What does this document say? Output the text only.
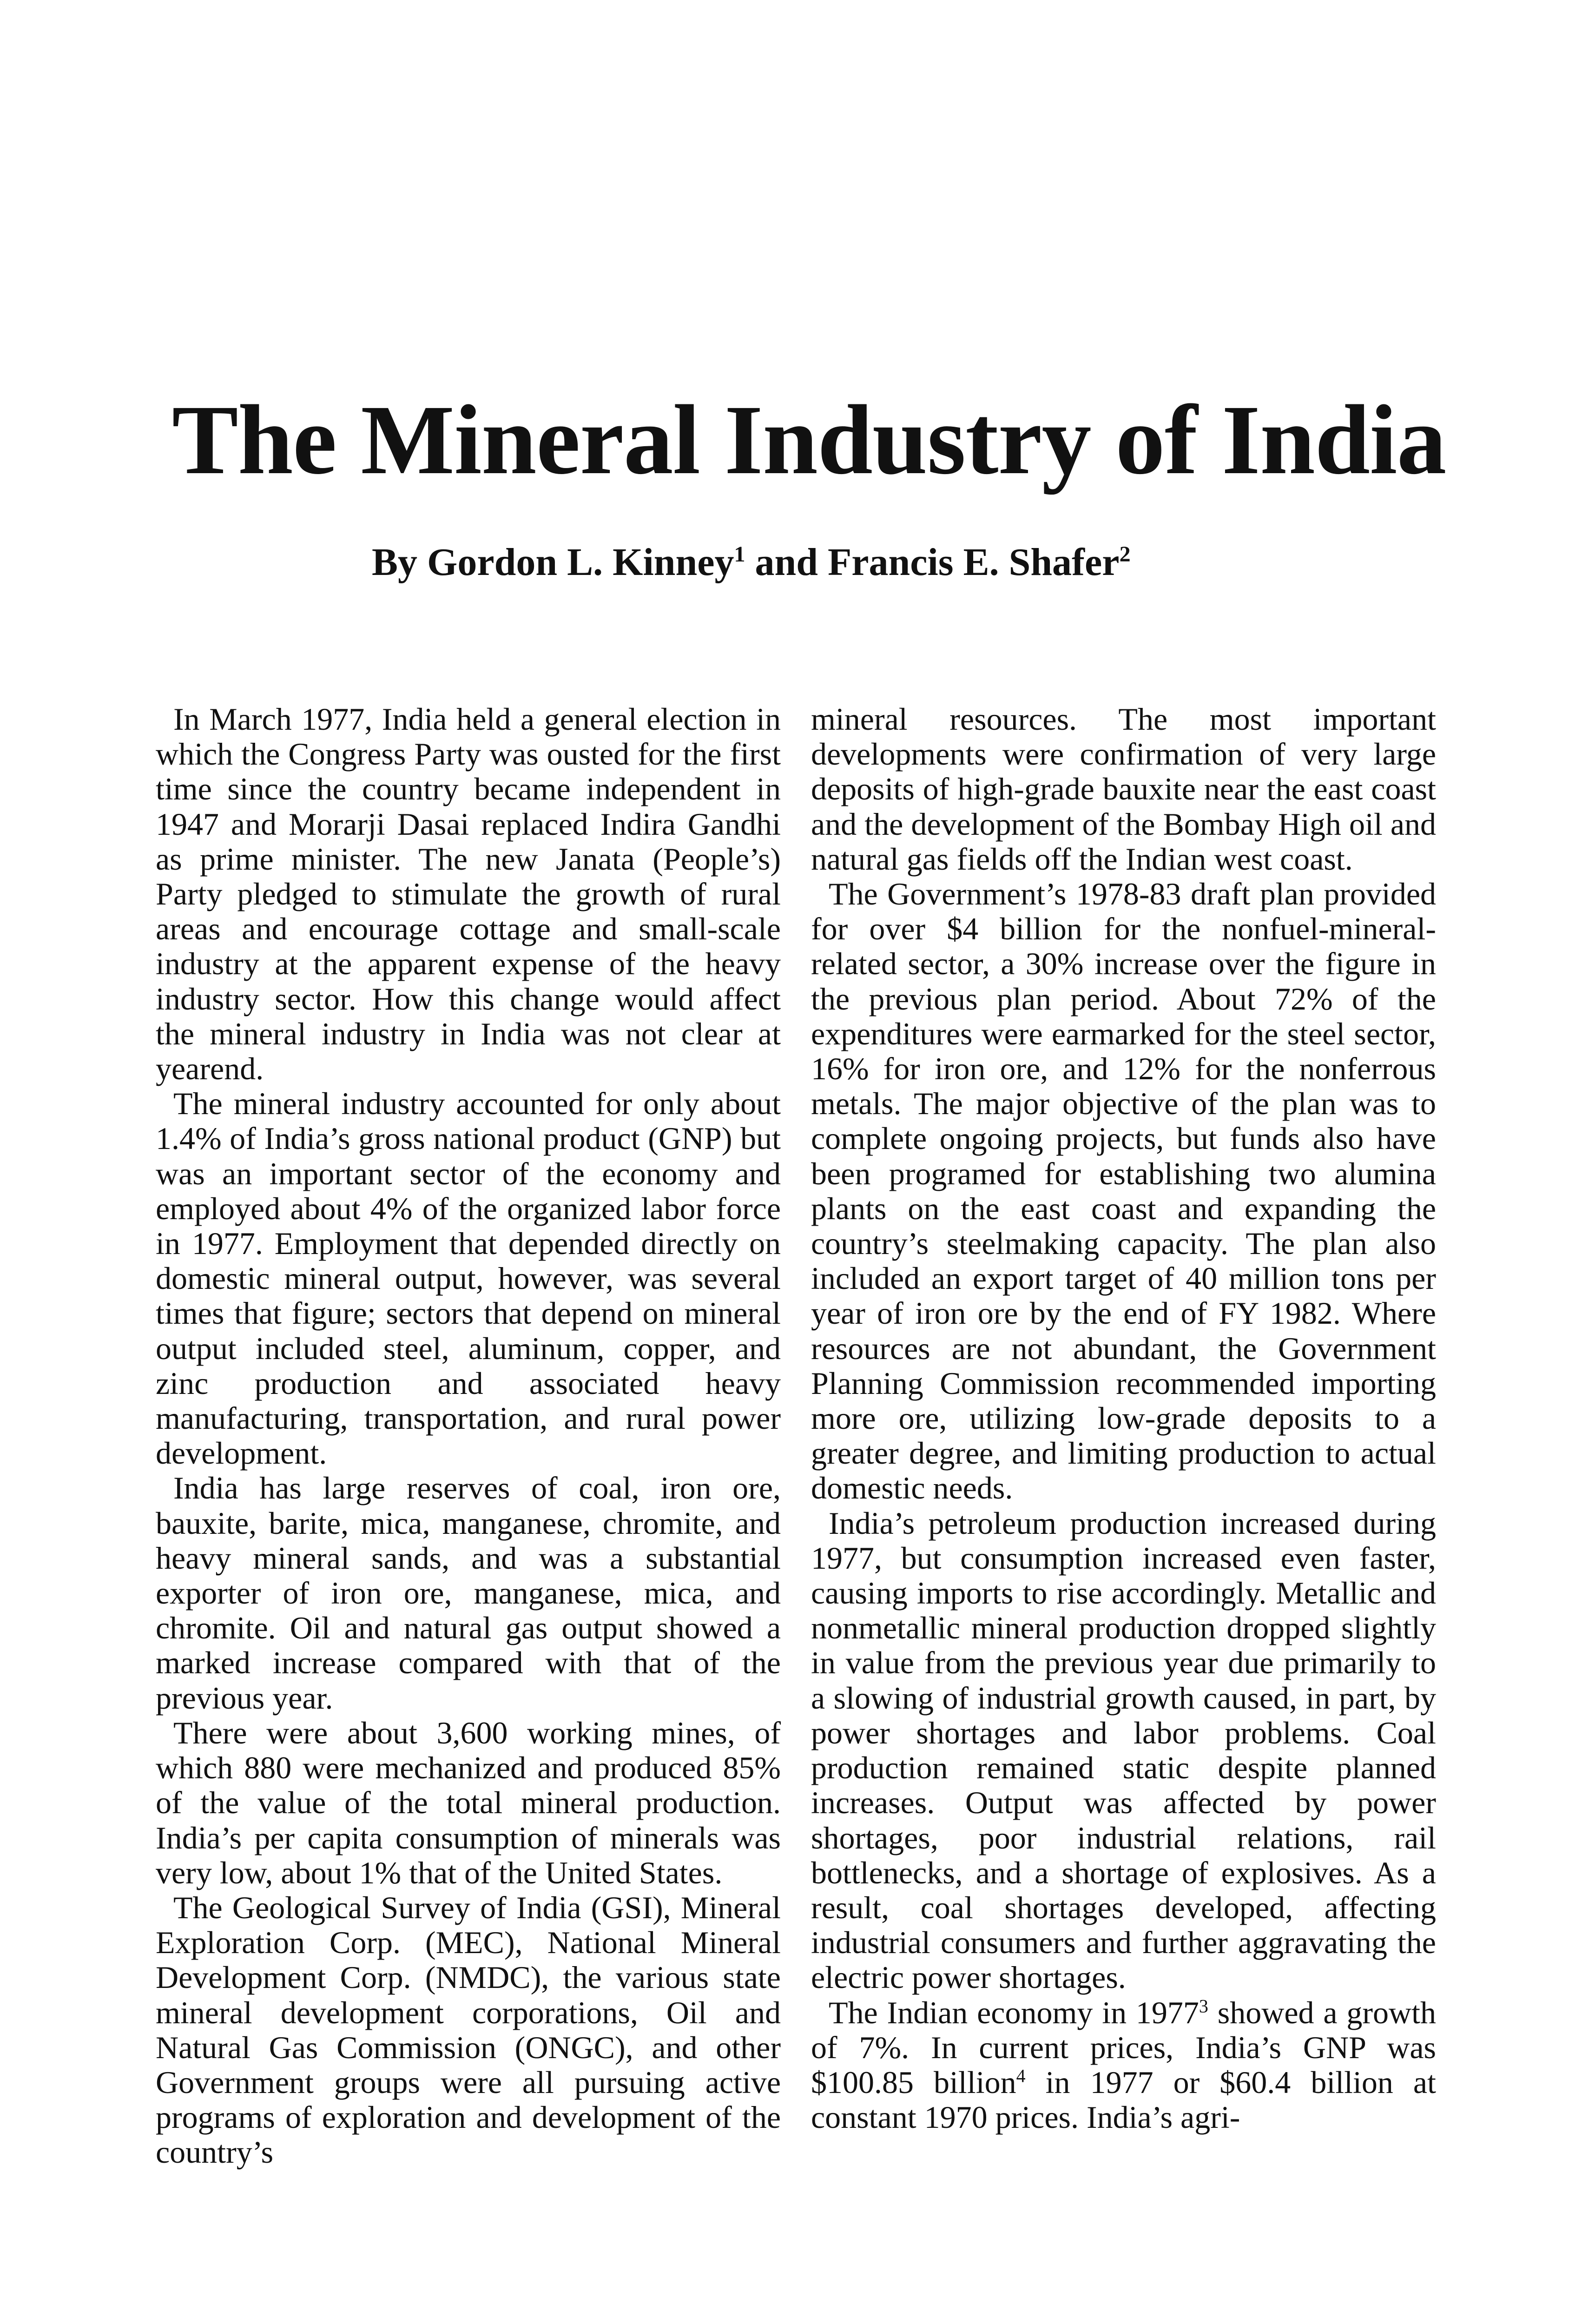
The Mineral Industry of India
By Gordon L. Kinney$^1$ and Francis E. Shafer$^2$

In March 1977, India held a general election in which the Congress Party was ousted for the first time since the country became independent in 1947 and Morarji Dasai replaced Indira Gandhi as prime minister. The new Janata (People’s) Party pledged to stimulate the growth of rural areas and encourage cottage and small-scale industry at the apparent expense of the heavy industry sector. How this change would affect the mineral industry in India was not clear at yearend.

The mineral industry accounted for only about 1.4% of India’s gross national product (GNP) but was an important sector of the economy and employed about 4% of the organized labor force in 1977. Employment that depended directly on domestic mineral output, however, was several times that figure; sectors that depend on mineral output included steel, aluminum, copper, and zinc production and associated heavy manufacturing, transportation, and rural power development.

India has large reserves of coal, iron ore, bauxite, barite, mica, manganese, chromite, and heavy mineral sands, and was a substantial exporter of iron ore, manganese, mica, and chromite. Oil and natural gas output showed a marked increase compared with that of the previous year.

There were about 3,600 working mines, of which 880 were mechanized and produced 85% of the value of the total mineral production. India’s per capita consumption of minerals was very low, about 1% that of the United States.

The Geological Survey of India (GSI), Mineral Exploration Corp. (MEC), National Mineral Development Corp. (NMDC), the various state mineral development corporations, Oil and Natural Gas Commission (ONGC), and other Government groups were all pursuing active programs of exploration and development of the country’s

mineral resources. The most important developments were confirmation of very large deposits of high-grade bauxite near the east coast and the development of the Bombay High oil and natural gas fields off the Indian west coast.

The Government’s 1978-83 draft plan provided for over $4 billion for the nonfuel-mineral-related sector, a 30% increase over the figure in the previous plan period. About 72% of the expenditures were earmarked for the steel sector, 16% for iron ore, and 12% for the nonferrous metals. The major objective of the plan was to complete ongoing projects, but funds also have been programed for establishing two alumina plants on the east coast and expanding the country’s steelmaking capacity. The plan also included an export target of 40 million tons per year of iron ore by the end of FY 1982. Where resources are not abundant, the Government Planning Commission recommended importing more ore, utilizing low-grade deposits to a greater degree, and limiting production to actual domestic needs.

India’s petroleum production increased during 1977, but consumption increased even faster, causing imports to rise accordingly. Metallic and nonmetallic mineral production dropped slightly in value from the previous year due primarily to a slowing of industrial growth caused, in part, by power shortages and labor problems. Coal production remained static despite planned increases. Output was affected by power shortages, poor industrial relations, rail bottlenecks, and a shortage of explosives. As a result, coal shortages developed, affecting industrial consumers and further aggravating the electric power shortages.

The Indian economy in 1977$^3$ showed a growth of 7%. In current prices, India’s GNP was $100.85 billion$^4$ in 1977 or $60.4 billion at constant 1970 prices. India’s agri-
